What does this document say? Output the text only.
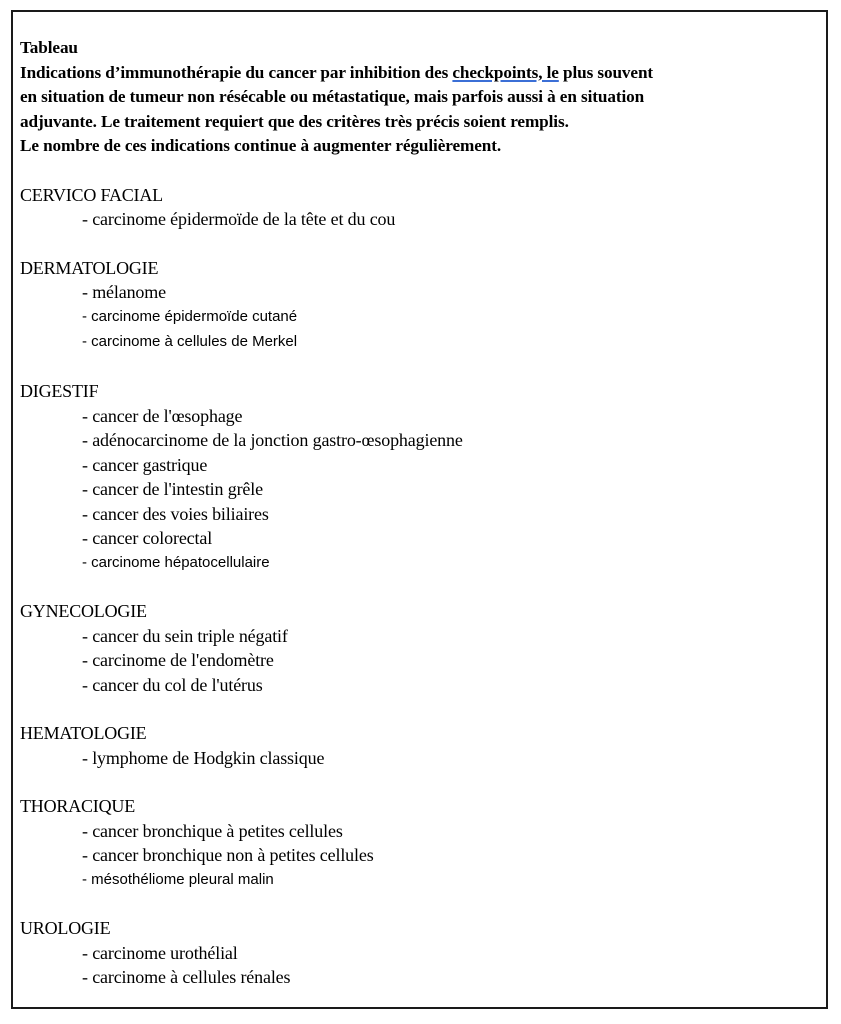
Tableau
Indications d’immunothérapie du cancer par inhibition des checkpoints, le plus souvent
en situation de tumeur non résécable ou métastatique, mais parfois aussi à en situation
adjuvante. Le traitement requiert que des critères très précis soient remplis.
Le nombre de ces indications continue à augmenter régulièrement.

CERVICO FACIAL

- carcinome épidermoïde de la tête et du cou

DERMATOLOGIE

- mélanome

- carcinome épidermoïde cutané

- carcinome à cellules de Merkel

DIGESTIF

- cancer de l'œsophage

- adénocarcinome de la jonction gastro-œsophagienne

- cancer gastrique

- cancer de l'intestin grêle

- cancer des voies biliaires

- cancer colorectal

- carcinome hépatocellulaire

GYNECOLOGIE

- cancer du sein triple négatif

- carcinome de l'endomètre

- cancer du col de l'utérus

HEMATOLOGIE

- lymphome de Hodgkin classique

THORACIQUE

- cancer bronchique à petites cellules

- cancer bronchique non à petites cellules

- mésothéliome pleural malin

UROLOGIE

- carcinome urothélial

- carcinome à cellules rénales
